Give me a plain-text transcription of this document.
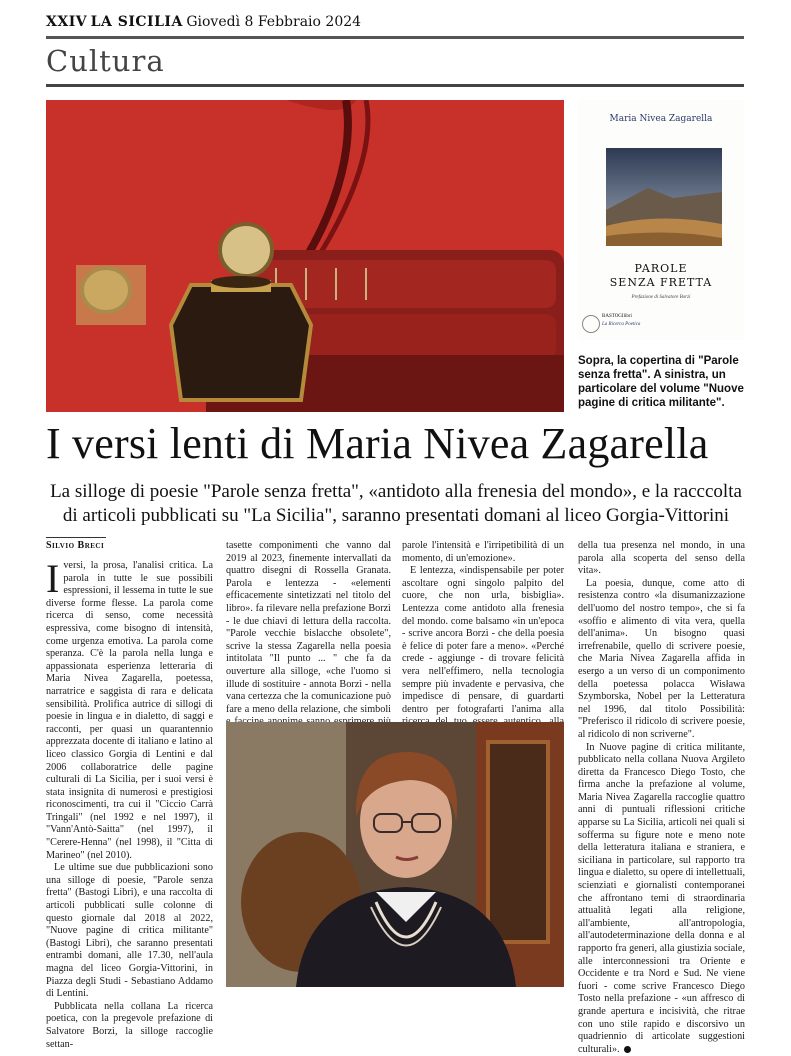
XXIV LA SICILIA Giovedì 8 Febbraio 2024
Cultura
Maria Nivea Zagarella
PAROLE
SENZA FRETTA
Prefazione di Salvatore Borzì
BASTOGIlibri
La Ricerca Poetica
Sopra, la copertina di "Parole senza fretta". A sinistra, un particolare del volume "Nuove pagine di critica militante".
I versi lenti di Maria Nivea Zagarella
La silloge di poesie "Parole senza fretta", «antidoto alla frenesia del mondo», e la racccolta di articoli pubblicati su "La Sicilia", saranno presentati domani al liceo Gorgia-Vittorini
Silvio Breci

Iversi, la prosa, l'analisi critica. La parola in tutte le sue possibili espressioni, il lessema in tutte le sue diverse forme flesse. La parola come ricerca di senso, come necessità espressiva, come bisogno di intensità, come urgenza emotiva. La parola come speranza. C'è la parola nella lunga e appassionata esperienza letteraria di Maria Nivea Zagarella, poetessa, narratrice e saggista di rara e delicata sensibilità. Prolifica autrice di sillogi di poesie in lingua e in dialetto, di saggi e racconti, per quasi un quarantennio apprezzata docente di italiano e latino al liceo classico Gorgia di Lentini e dal 2006 collaboratrice delle pagine culturali di La Sicilia, per i suoi versi è stata insignita di numerosi e prestigiosi riconoscimenti, tra cui il "Ciccio Carrà Tringali" (nel 1992 e nel 1997), il "Vann'Antò-Saitta" (nel 1997), il "Cerere-Henna" (nel 1998), il "Citta di Marineo" (nel 2010).

Le ultime sue due pubblicazioni sono una silloge di poesie, "Parole senza fretta" (Bastogi Libri), e una raccolta di articoli pubblicati sulle colonne di questo giornale dal 2018 al 2022, "Nuove pagine di critica militante" (Bastogi Libri), che saranno presentati entrambi domani, alle 17.30, nell'aula magna del liceo Gorgia-Vittorini, in Piazza degli Studi - Sebastiano Addamo di Lentini.

Pubblicata nella collana La ricerca poetica, con la pregevole prefazione di Salvatore Borzì, la silloge raccoglie settan-

tasette componimenti che vanno dal 2019 al 2023, finemente intervallati da quattro disegni di Rossella Granata. Parola e lentezza - «elementi efficacemente sintetizzati nel titolo del libro». fa rilevare nella prefazione Borzì - le due chiavi di lettura della raccolta. "Parole vecchie bislacche obsolete", scrive la stessa Zagarella nella poesia intitolata "Il punto ... " che fa da ouverture alla silloge, «che l'uomo si illude di sostituire - annota Borzì - nella vana certezza che la comunicazione può fare a meno della relazione, che simboli

parole l'intensità e l'irripetibilità di un momento, di un'emozione».

E lentezza, «indispensabile per poter ascoltare ogni singolo palpito del cuore, che non urla, bisbiglia». Lentezza come antidoto alla frenesia del mondo. come balsamo «in un'epoca - scrive ancora Borzì - che della poesia è felice di poter fare a meno». «Perché crede - aggiunge - di trovare felicità vera nell'effimero, nella tecnologia sempre più invadente e pervasiva, che impedisce di pensare, di guardarti dentro per fotografarti l'anima alla

della tua presenza nel mondo, in una parola alla scoperta del senso della vita».

La poesia, dunque, come atto di resistenza contro «la disumanizzazione dell'uomo del nostro tempo», che si fa «soffio e alimento di vita vera, quella dell'anima». Un bisogno quasi irrefrenabile, quello di scrivere poesie, che Maria Nivea Zagarella affida in esergo a un verso di un componimento della poetessa polacca Wisława Szymborska, Nobel per la Letteratura nel 1996, dal titolo Possibilità: "Preferisco il ridicolo di scrivere poesie, al ridicolo di non scriverne".

In Nuove pagine di critica militante, pubblicato nella collana Nuova Argileto diretta da Francesco Diego Tosto, che firma anche la prefazione al volume, Maria Nivea Zagarella raccoglie quattro anni di puntuali riflessioni critiche apparse su La Sicilia, articoli nei quali si sofferma su figure note e meno note della letteratura italiana e straniera, e siciliana in particolare, sul rapporto tra lingua e dialetto, su opere di intellettuali, scienziati e giornalisti contemporanei che affrontano temi di straordinaria attualità legati alla religione, all'ambiente, all'antropologia, all'autodeterminazione della donna e al rapporto fra generi, alla giustizia sociale, alle interconnessioni tra Oriente e Occidente e tra Nord e Sud. Ne viene fuori - come scrive Francesco Diego Tosto nella prefazione - «un affresco di grande apertura e incisività, che ritrae con uno stile rapido e discorsivo un quadriennio di articolate suggestioni culturali».
